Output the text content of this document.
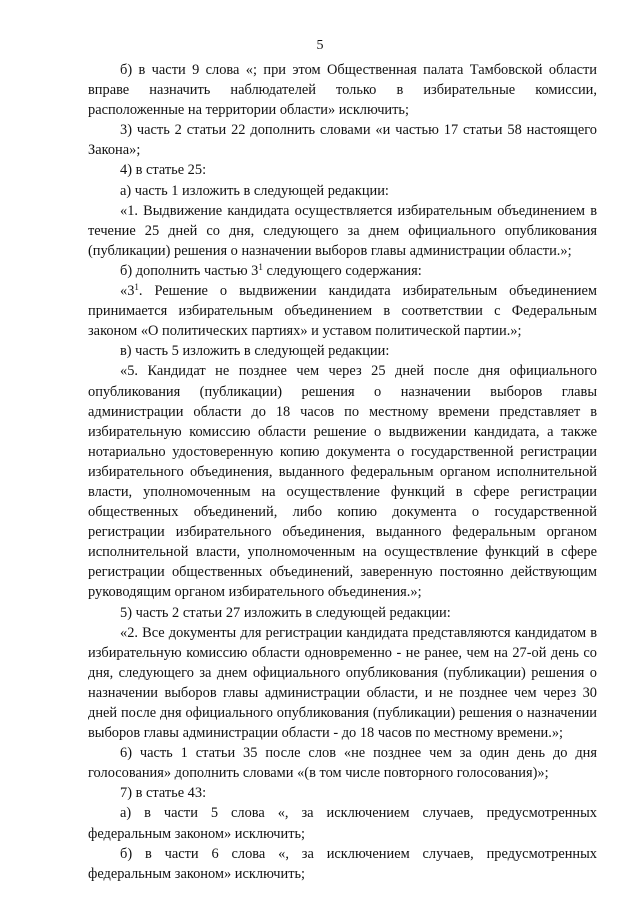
5

б) в части 9 слова «; при этом Общественная палата Тамбовской области вправе назначить наблюдателей только в избирательные комиссии, расположенные на территории области» исключить;

3) часть 2 статьи 22 дополнить словами «и частью 17 статьи 58 настоящего Закона»;

4) в статье 25:

а) часть 1 изложить в следующей редакции:

«1. Выдвижение кандидата осуществляется избирательным объединением в течение 25 дней со дня, следующего за днем официального опубликования (публикации) решения о назначении выборов главы администрации области.»;

б) дополнить частью $3^1$ следующего содержания:

«$3^1$. Решение о выдвижении кандидата избирательным объединением принимается избирательным объединением в соответствии с Федеральным законом «О политических партиях» и уставом политической партии.»;

в) часть 5 изложить в следующей редакции:

«5. Кандидат не позднее чем через 25 дней после дня официального опубликования (публикации) решения о назначении выборов главы администрации области до 18 часов по местному времени представляет в избирательную комиссию области решение о выдвижении кандидата, а также нотариально удостоверенную копию документа о государственной регистрации избирательного объединения, выданного федеральным органом исполнительной власти, уполномоченным на осуществление функций в сфере регистрации общественных объединений, либо копию документа о государственной регистрации избирательного объединения, выданного федеральным органом исполнительной власти, уполномоченным на осуществление функций в сфере регистрации общественных объединений, заверенную постоянно действующим руководящим органом избирательного объединения.»;

5) часть 2 статьи 27 изложить в следующей редакции:

«2. Все документы для регистрации кандидата представляются кандидатом в избирательную комиссию области одновременно - не ранее, чем на 27-ой день со дня, следующего за днем официального опубликования (публикации) решения о назначении выборов главы администрации области, и не позднее чем через 30 дней после дня официального опубликования (публикации) решения о назначении выборов главы администрации области - до 18 часов по местному времени.»;

6) часть 1 статьи 35 после слов «не позднее чем за один день до дня голосования» дополнить словами «(в том числе повторного голосования)»;

7) в статье 43:

а) в части 5 слова «, за исключением случаев, предусмотренных федеральным законом» исключить;

б) в части 6 слова «, за исключением случаев, предусмотренных федеральным законом» исключить;
